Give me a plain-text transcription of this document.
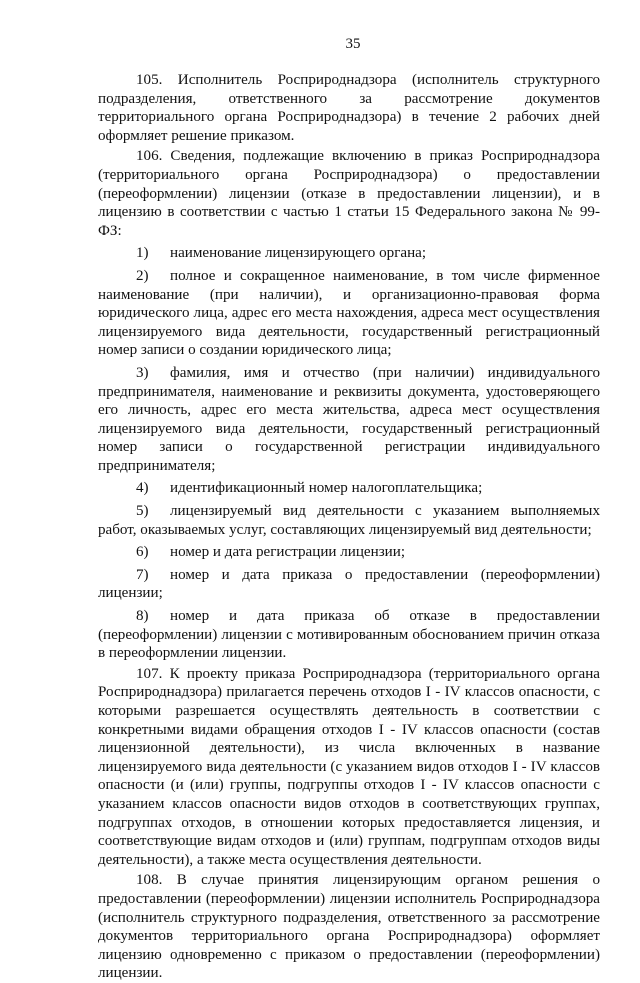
35

105. Исполнитель Росприроднадзора (исполнитель структурного подразделения, ответственного за рассмотрение документов территориального органа Росприроднадзора) в течение 2 рабочих дней оформляет решение приказом.

106. Сведения, подлежащие включению в приказ Росприроднадзора (территориального органа Росприроднадзора) о предоставлении (переоформлении) лицензии (отказе в предоставлении лицензии), и в лицензию в соответствии с частью 1 статьи 15 Федерального закона № 99-ФЗ:

1) наименование лицензирующего органа;

2) полное и сокращенное наименование, в том числе фирменное наименование (при наличии), и организационно-правовая форма юридического лица, адрес его места нахождения, адреса мест осуществления лицензируемого вида деятельности, государственный регистрационный номер записи о создании юридического лица;

3) фамилия, имя и отчество (при наличии) индивидуального предпринимателя, наименование и реквизиты документа, удостоверяющего его личность, адрес его места жительства, адреса мест осуществления лицензируемого вида деятельности, государственный регистрационный номер записи о государственной регистрации индивидуального предпринимателя;

4) идентификационный номер налогоплательщика;

5) лицензируемый вид деятельности с указанием выполняемых работ, оказываемых услуг, составляющих лицензируемый вид деятельности;

6) номер и дата регистрации лицензии;

7) номер и дата приказа о предоставлении (переоформлении) лицензии;

8) номер и дата приказа об отказе в предоставлении (переоформлении) лицензии с мотивированным обоснованием причин отказа в переоформлении лицензии.

107. К проекту приказа Росприроднадзора (территориального органа Росприроднадзора) прилагается перечень отходов I - IV классов опасности, с которыми разрешается осуществлять деятельность в соответствии с конкретными видами обращения отходов I - IV классов опасности (состав лицензионной деятельности), из числа включенных в название лицензируемого вида деятельности (с указанием видов отходов I - IV классов опасности (и (или) группы, подгруппы отходов I - IV классов опасности с указанием классов опасности видов отходов в соответствующих группах, подгруппах отходов, в отношении которых предоставляется лицензия, и соответствующие видам отходов и (или) группам, подгруппам отходов виды деятельности), а также места осуществления деятельности.

108. В случае принятия лицензирующим органом решения о предоставлении (переоформлении) лицензии исполнитель Росприроднадзора (исполнитель структурного подразделения, ответственного за рассмотрение документов территориального органа Росприроднадзора) оформляет лицензию одновременно с приказом о предоставлении (переоформлении) лицензии.
